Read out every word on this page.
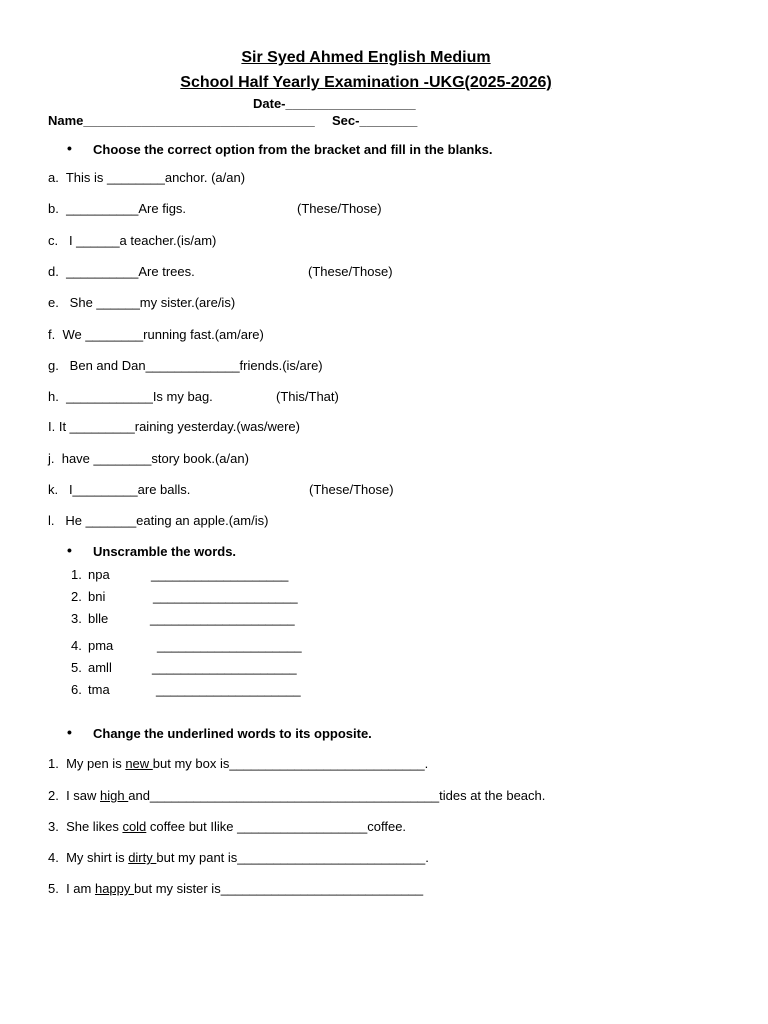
Sir Syed Ahmed English Medium
School Half Yearly Examination -UKG(2025-2026)
Date-__________________
Name________________________________ Sec-________
• Choose the correct option from the bracket and fill in the blanks.
a.  This is ________anchor. (a/an)
b.  __________Are figs.	(These/Those)
c.   I ______a teacher.(is/am)
d.  __________Are trees.	(These/Those)
e.   She ______my sister.(are/is)
f.  We ________running fast.(am/are)
g.   Ben and Dan_____________friends.(is/are)
h.  ____________Is my bag.	(This/That)
I. It _________raining yesterday.(was/were)
j.  have ________story book.(a/an)
k.   I_________are balls.	(These/Those)
l.   He _______eating an apple.(am/is)
• Unscramble the words.
1. npa	___________________
2. bni	____________________
3. blle	____________________
4. pma	____________________
5. amll	____________________
6. tma	____________________
• Change the underlined words to its opposite.
1.  My pen is new but my box is___________________________.
2.  I saw high and________________________________________tides at the beach.
3.  She likes cold coffee but Ilike __________________coffee.
4.  My shirt is dirty but my pant is__________________________.
5.  I am happy but my sister is____________________________
